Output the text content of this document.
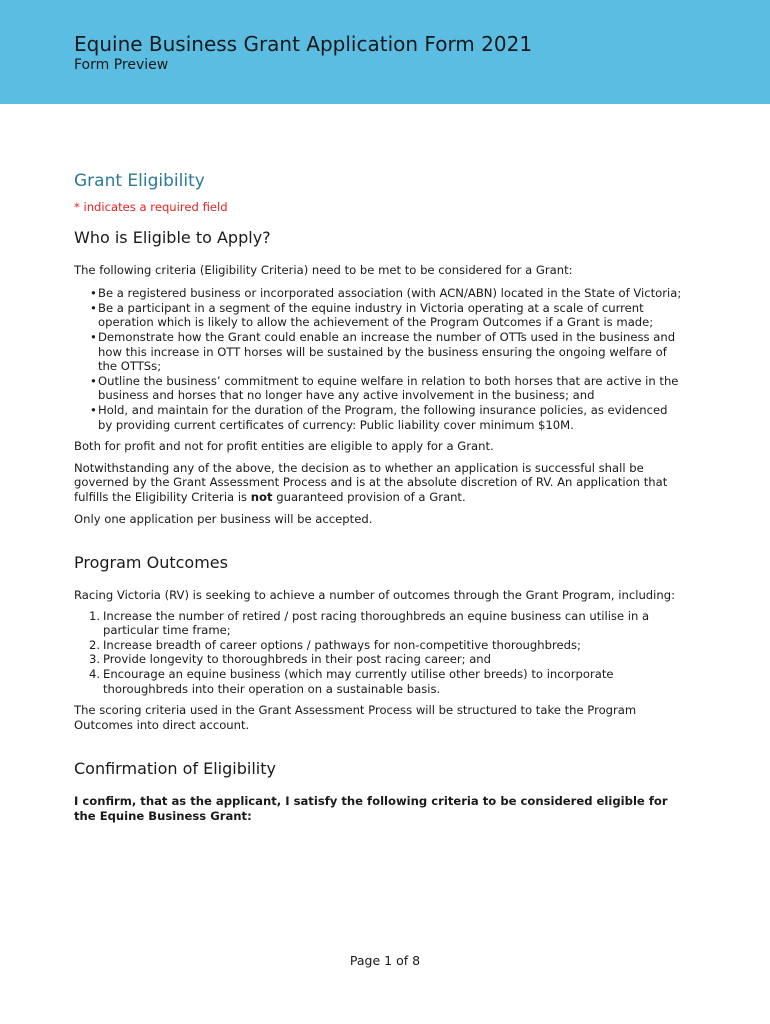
Equine Business Grant Application Form 2021
Form Preview
Grant Eligibility
* indicates a required field
Who is Eligible to Apply?

The following criteria (Eligibility Criteria) need to be met to be considered for a Grant:

• Be a registered business or incorporated association (with ACN/ABN) located in the State of Victoria;
• Be a participant in a segment of the equine industry in Victoria operating at a scale of current operation which is likely to allow the achievement of the Program Outcomes if a Grant is made;
• Demonstrate how the Grant could enable an increase the number of OTTs used in the business and how this increase in OTT horses will be sustained by the business ensuring the ongoing welfare of the OTTSs;
• Outline the business’ commitment to equine welfare in relation to both horses that are active in the business and horses that no longer have any active involvement in the business; and
• Hold, and maintain for the duration of the Program, the following insurance policies, as evidenced by providing current certificates of currency: Public liability cover minimum $10M.

Both for profit and not for profit entities are eligible to apply for a Grant.

Notwithstanding any of the above, the decision as to whether an application is successful shall be governed by the Grant Assessment Process and is at the absolute discretion of RV. An application that fulfills the Eligibility Criteria is not guaranteed provision of a Grant.

Only one application per business will be accepted.

Program Outcomes

Racing Victoria (RV) is seeking to achieve a number of outcomes through the Grant Program, including:

1. Increase the number of retired / post racing thoroughbreds an equine business can utilise in a particular time frame;
2. Increase breadth of career options / pathways for non-competitive thoroughbreds;
3. Provide longevity to thoroughbreds in their post racing career; and
4. Encourage an equine business (which may currently utilise other breeds) to incorporate thoroughbreds into their operation on a sustainable basis.

The scoring criteria used in the Grant Assessment Process will be structured to take the Program Outcomes into direct account.

Confirmation of Eligibility

I confirm, that as the applicant, I satisfy the following criteria to be considered eligible for the Equine Business Grant:

Page 1 of 8
